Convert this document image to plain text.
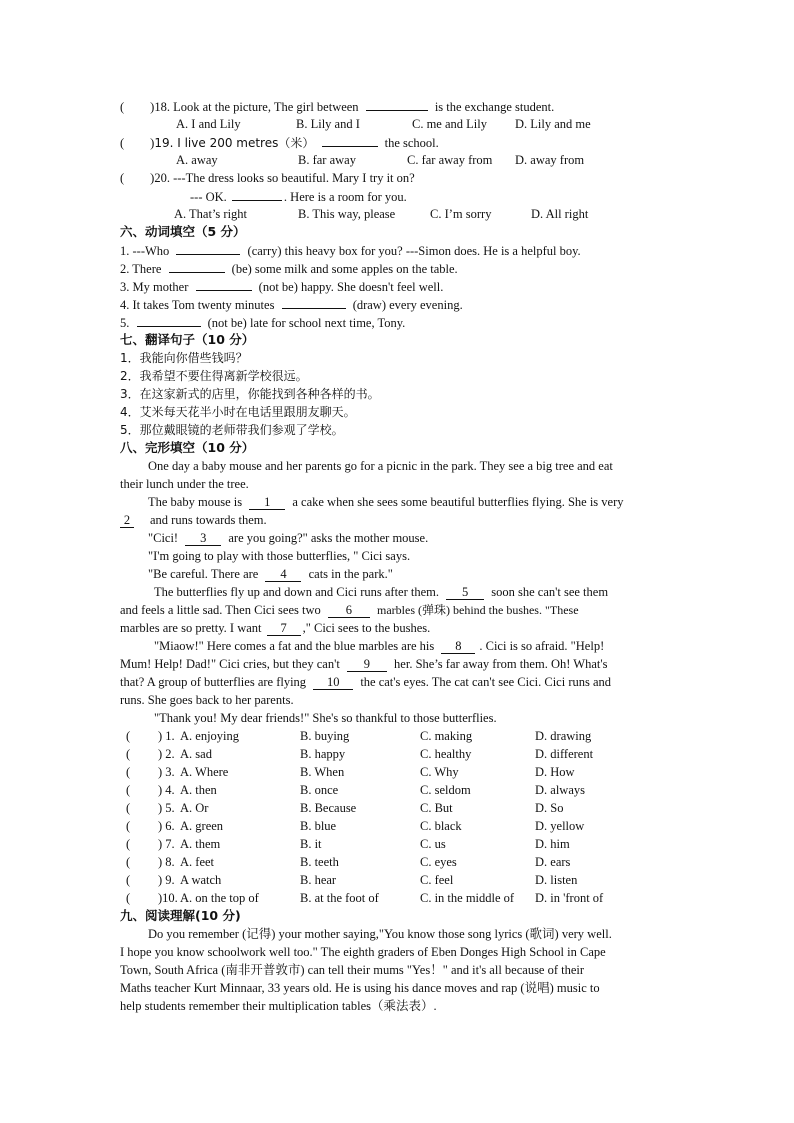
( )18. Look at the picture, The girl between	is the exchange student.
A. I and Lily	B. Lily and I	C. me and Lily D. Lily and me
( )19. I live 200 metres（米）	the school.
A. away	B. far away	C. far away from D. away from
( )20. ---The dress looks so beautiful. Mary I try it on?
--- OK.	. Here is a room for you.
A. That’s right	B. This way, please	C. I’m sorry	D. All right
六、动词填空（5 分）
1. ---Who	(carry) this heavy box for you? ---Simon does. He is a helpful boy.
2. There	(be) some milk and some apples on the table.
3. My mother	(not be) happy. She doesn't feel well.
4. It takes Tom twenty minutes	(draw) every evening.
5.	(not be) late for school next time, Tony.
七、翻译句子（10 分）
1．我能向你借些钱吗？
2．我希望不要住得离新学校很远。
3．在这家新式的店里，你能找到各种各样的书。
4．艾米每天花半小时在电话里跟朋友聊天。
5．那位戴眼镜的老师带我们参观了学校。
八、完形填空（10 分）
One day a baby mouse and her parents go for a picnic in the park. They see a big tree and eat
their lunch under the tree.
The baby mouse is 1 a cake when she sees some beautiful butterflies flying. She is very
2 and runs towards them.
"Cici! 3 are you going?" asks the mother mouse.
"I'm going to play with those butterflies, " Cici says.
"Be careful. There are 4 cats in the park."
The butterflies fly up and down and Cici runs after them. 5 soon she can't see them
and feels a little sad. Then Cici sees two 6 marbles (弹珠) behind the bushes. "These
marbles are so pretty. I want 7 ," Cici sees to the bushes.
"Miaow!" Here comes a fat and the blue marbles are his 8 . Cici is so afraid. "Help!
Mum! Help! Dad!" Cici cries, but they can't 9 her. She’s far away from them. Oh! What's
that? A group of butterflies are flying 10 the cat's eyes. The cat can't see Cici. Cici runs and
runs. She goes back to her parents.
"Thank you! My dear friends!" She's so thankful to those butterflies.
( ) 1. A. enjoying	B. buying	C. making	D. drawing
( ) 2. A. sad	B. happy	C. healthy	D. different
( ) 3. A. Where	B. When	C. Why	D. How
( ) 4. A. then	B. once	C. seldom	D. always
( ) 5. A. Or	B. Because	C. But	D. So
( ) 6. A. green	B. blue	C. black	D. yellow
( ) 7. A. them	B. it	C. us	D. him
( ) 8. A. feet	B. teeth	C. eyes	D. ears
( ) 9. A watch	B. hear	C. feel	D. listen
( )10. A. on the top of	B. at the foot of	C. in the middle of D. in 'front of
九、阅读理解(10 分)
Do you remember (记得) your mother saying,"You know those song lyrics (歌词) very well.
I hope you know schoolwork well too." The eighth graders of Eben Donges High School in Cape
Town, South Africa (南非开普敦市) can tell their mums "Yes！" and it's all because of their
Maths teacher Kurt Minnaar, 33 years old. He is using his dance moves and rap (说唱) music to
help students remember their multiplication tables（乘法表）.
